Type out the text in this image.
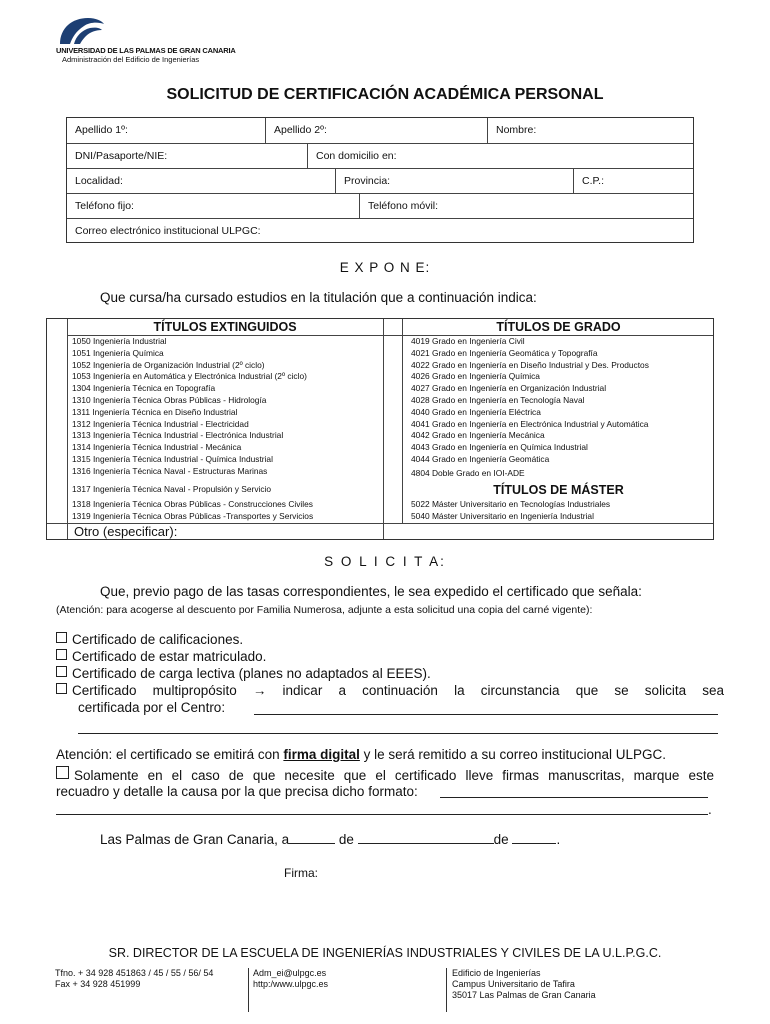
UNIVERSIDAD DE LAS PALMAS DE GRAN CANARIA
Administración del Edificio de Ingenierías
SOLICITUD DE CERTIFICACIÓN ACADÉMICA PERSONAL
Apellido 1º:	Apellido 2º:	Nombre:
DNI/Pasaporte/NIE:	Con domicilio en:
Localidad:	Provincia:	C.P.:
Teléfono fijo:	Teléfono móvil:
Correo electrónico institucional ULPGC:
E X P O N E:
Que cursa/ha cursado estudios en la titulación que a continuación indica:
TÍTULOS EXTINGUIDOS	TÍTULOS DE GRADO
TÍTULOS DE MÁSTER
1050 Ingeniería Industrial
1051 Ingeniería Química
1052 Ingeniería de Organización Industrial (2º ciclo)
1053 Ingeniería en Automática y Electrónica Industrial (2º ciclo)
1304 Ingeniería Técnica en Topografía
1310 Ingeniería Técnica Obras Públicas - Hidrología
1311 Ingeniería Técnica en Diseño Industrial
1312 Ingeniería Técnica Industrial - Electricidad
1313 Ingeniería Técnica Industrial - Electrónica Industrial
1314 Ingeniería Técnica Industrial - Mecánica
1315 Ingeniería Técnica Industrial - Química Industrial
1316 Ingeniería Técnica Naval - Estructuras Marinas
1317 Ingeniería Técnica Naval - Propulsión y Servicio
1318 Ingeniería Técnica Obras Públicas - Construcciones Civiles
1319 Ingeniería Técnica Obras Públicas -Transportes y Servicios
4019 Grado en Ingeniería Civil
4021 Grado en Ingeniería Geomática y Topografía
4022 Grado en Ingeniería en Diseño Industrial y Des. Productos
4026 Grado en Ingeniería Química
4027 Grado en Ingeniería en Organización Industrial
4028 Grado en Ingeniería en Tecnología Naval
4040 Grado en Ingeniería Eléctrica
4041 Grado en Ingeniería en Electrónica Industrial y Automática
4042 Grado en Ingeniería Mecánica
4043 Grado en Ingeniería en Química Industrial
4044 Grado en Ingeniería Geomática
4804 Doble Grado en IOI-ADE
5022 Máster Universitario en Tecnologías Industriales
5040 Máster Universitario en Ingeniería Industrial
Otro (especificar):
S O L I C I T A:
Que, previo pago de las tasas correspondientes, le sea expedido el certificado que señala:
(Atención: para acogerse al descuento por Familia Numerosa, adjunte a esta solicitud una copia del carné vigente):
Certificado de calificaciones.
Certificado de estar matriculado.
Certificado de carga lectiva (planes no adaptados al EEES).
Certificado multipropósito → indicar a continuación la circunstancia que se solicita sea
certificada por el Centro:
Atención: el certificado se emitirá con firma digital y le será remitido a su correo institucional ULPGC.
Solamente en el caso de que necesite que el certificado lleve firmas manuscritas, marque este
recuadro y detalle la causa por la que precisa dicho formato:
.
Las Palmas de Gran Canaria, a	de	de	.
Firma:
SR. DIRECTOR DE LA ESCUELA DE INGENIERÍAS INDUSTRIALES Y CIVILES DE LA U.L.P.G.C.
Tfno. + 34 928 451863 / 45 / 55 / 56/ 54
Fax + 34 928 451999
Adm_ei@ulpgc.es
http:/www.ulpgc.es
Edificio de Ingenierías
Campus Universitario de Tafira
35017 Las Palmas de Gran Canaria
